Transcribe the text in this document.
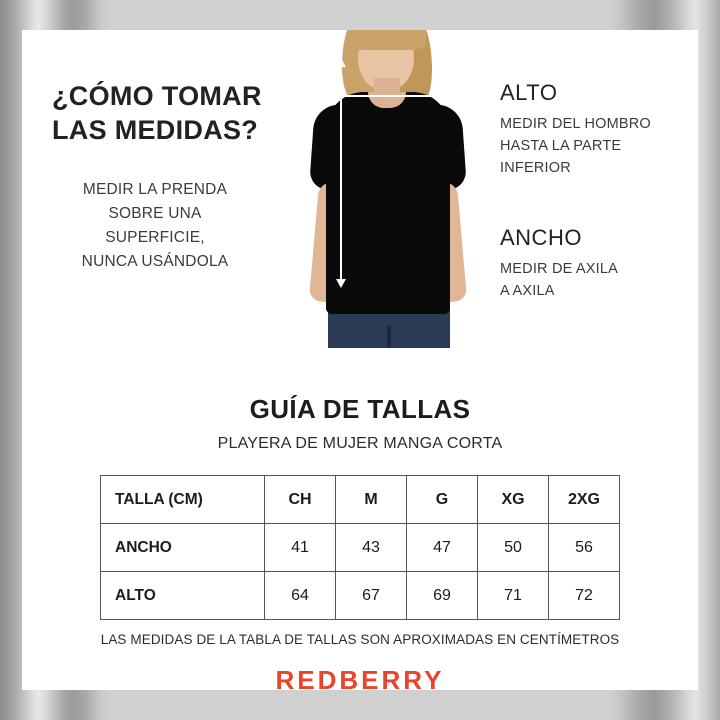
¿CÓMO TOMAR
LAS MEDIDAS?
MEDIR LA PRENDA
SOBRE UNA
SUPERFICIE,
NUNCA USÁNDOLA
ALTO
MEDIR DEL HOMBRO
HASTA LA PARTE
INFERIOR
ANCHO
MEDIR DE AXILA
A AXILA
GUÍA DE TALLAS
PLAYERA DE MUJER MANGA CORTA
TALLA (CM)	CH	M	G	XG	2XG
ANCHO	41	43	47	50	56
ALTO	64	67	69	71	72
LAS MEDIDAS DE LA TABLA DE TALLAS SON APROXIMADAS EN CENTÍMETROS
REDBERRY
